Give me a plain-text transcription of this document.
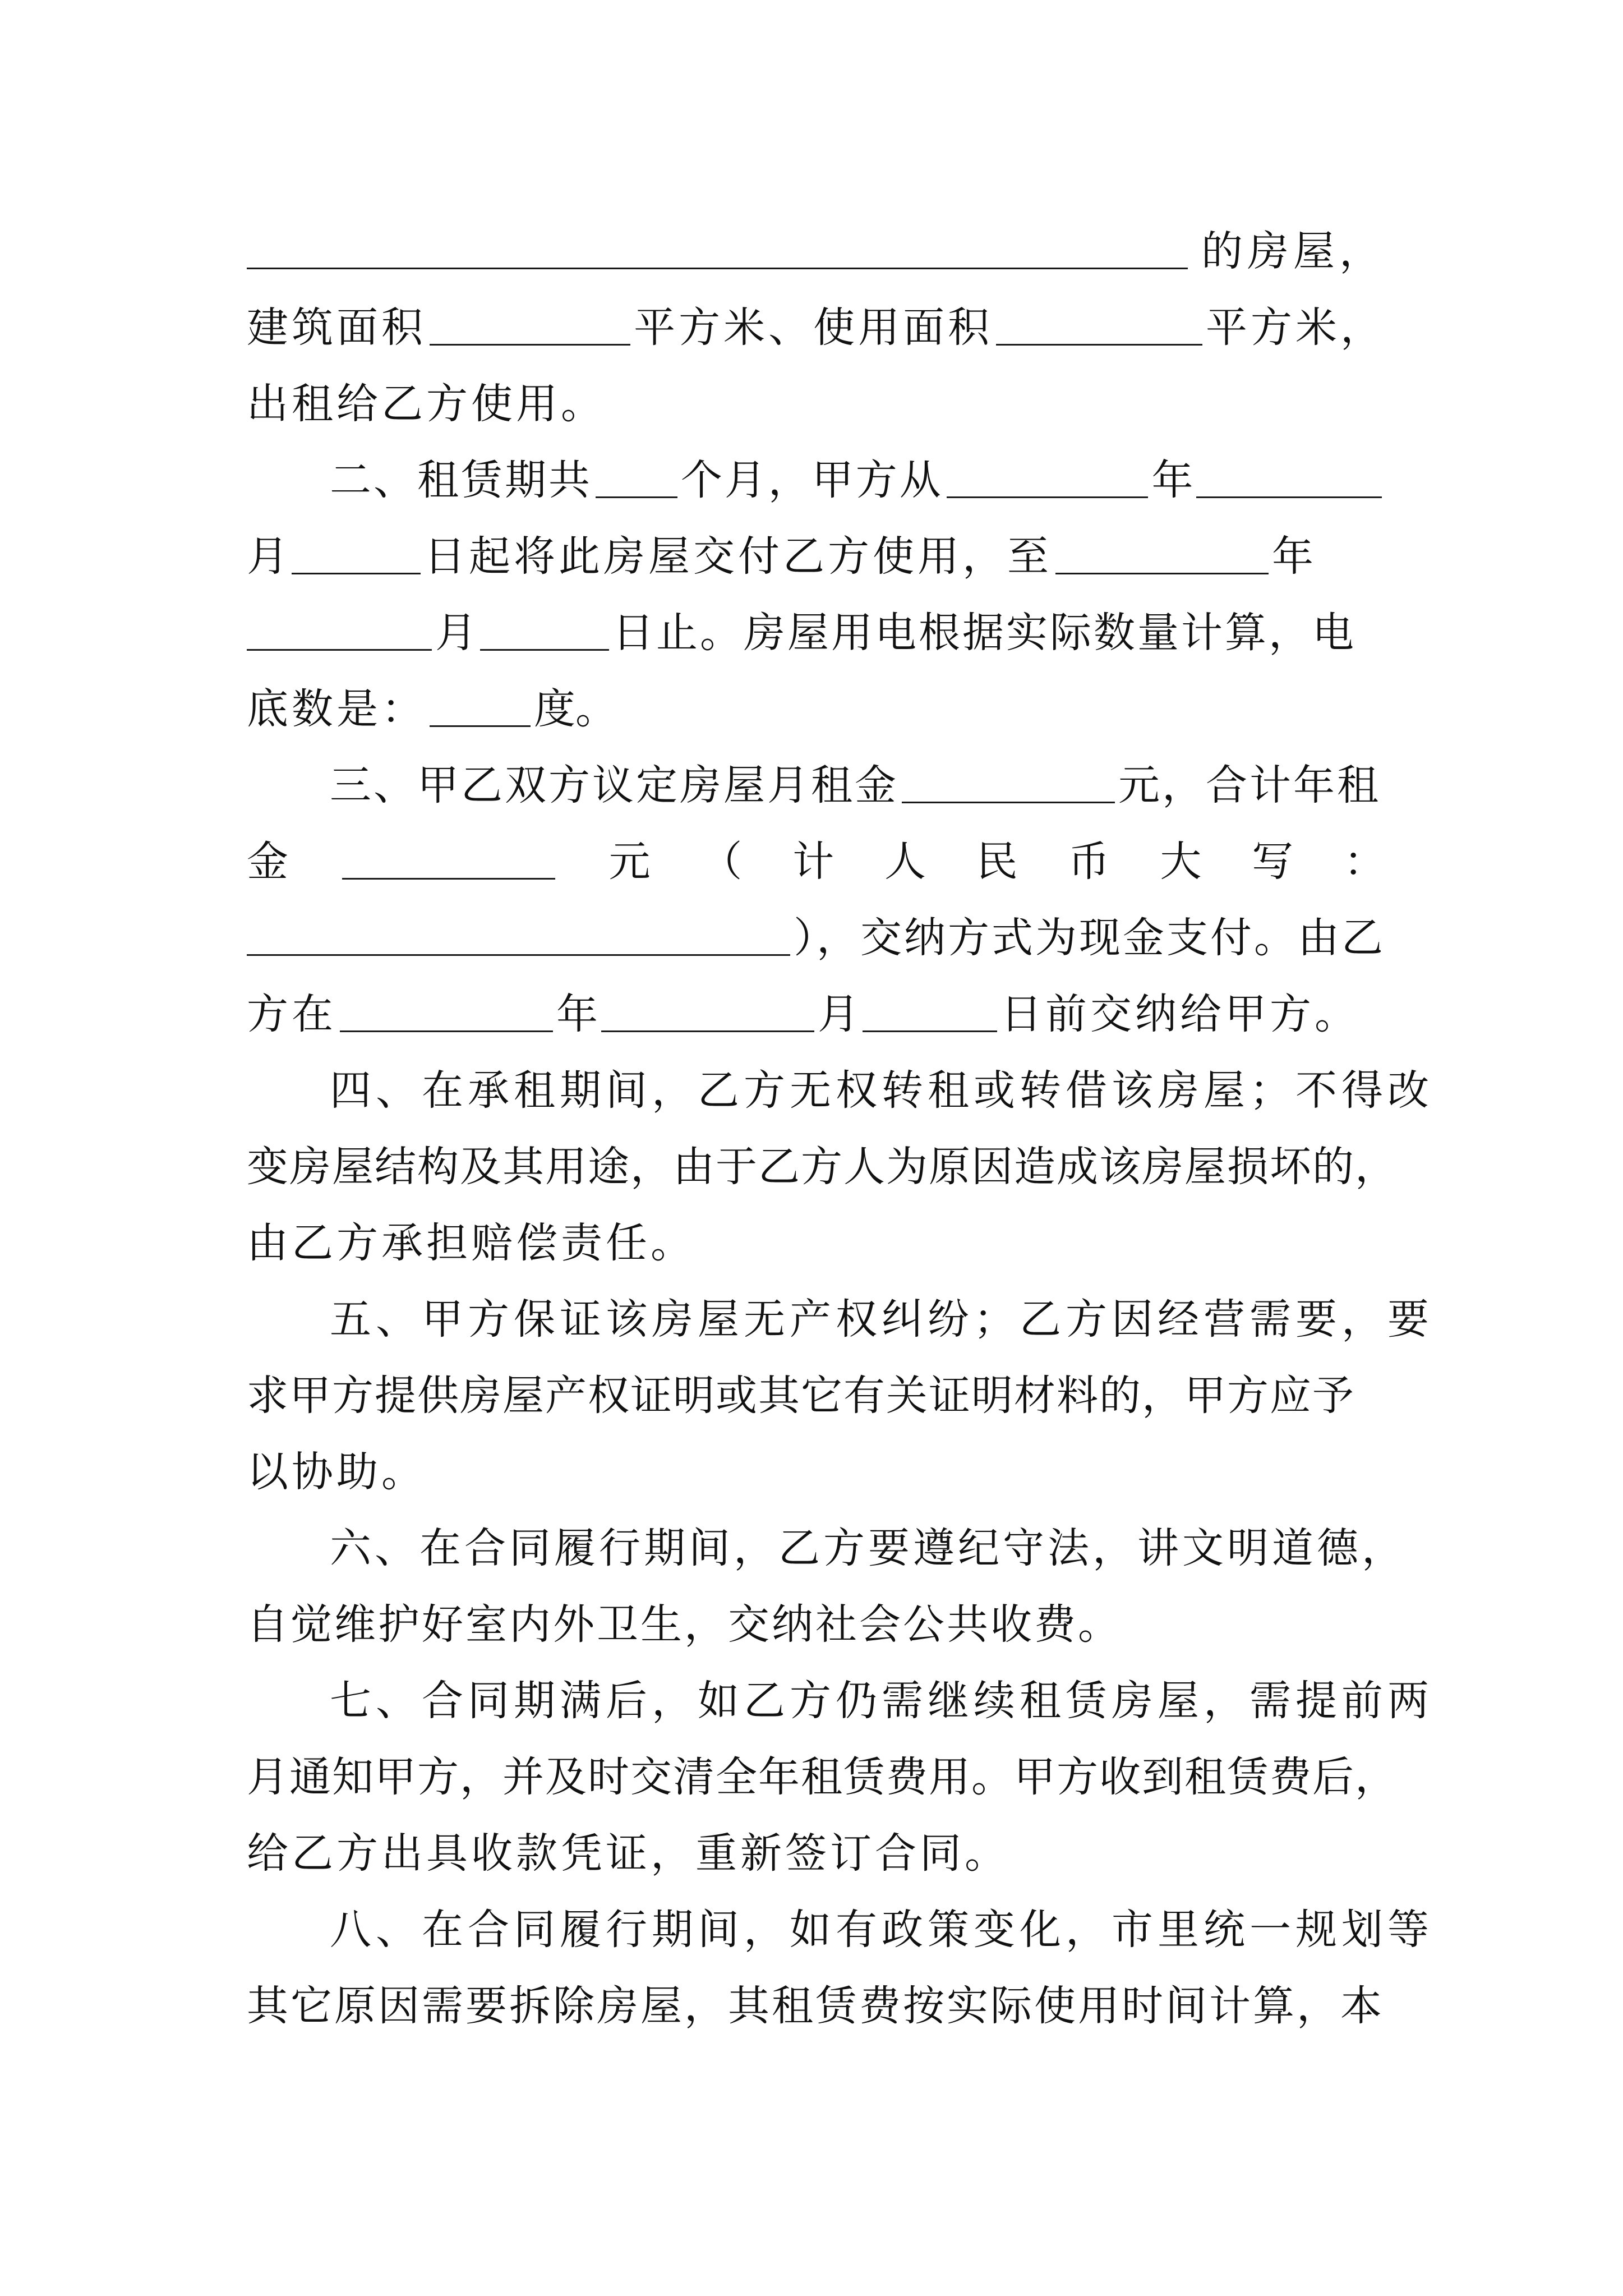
的房屋，
建筑面积	平方米、使用面积	平方米，
出租给乙方使用。
二、租赁期共 个月，甲方从	年
月	日起将此房屋交付乙方使用，至	年
月	日止。房屋用电根据实际数量计算，电
底数是：	度。
三、甲乙双方议定房屋月租金	元，合计年租
金	元 （ 计 人 民 币 大 写 ：
），交纳方式为现金支付。由乙
方在	年	月	日前交纳给甲方。
四、在承租期间，乙方无权转租或转借该房屋；不得改
变房屋结构及其用途，由于乙方人为原因造成该房屋损坏的，
由乙方承担赔偿责任。
五、甲方保证该房屋无产权纠纷；乙方因经营需要，要
求甲方提供房屋产权证明或其它有关证明材料的，甲方应予
以协助。
六、在合同履行期间，乙方要遵纪守法，讲文明道德，
自觉维护好室内外卫生，交纳社会公共收费。
七、合同期满后，如乙方仍需继续租赁房屋，需提前两
月通知甲方，并及时交清全年租赁费用。甲方收到租赁费后，
给乙方出具收款凭证，重新签订合同。
八、在合同履行期间，如有政策变化，市里统一规划等
其它原因需要拆除房屋，其租赁费按实际使用时间计算，本
